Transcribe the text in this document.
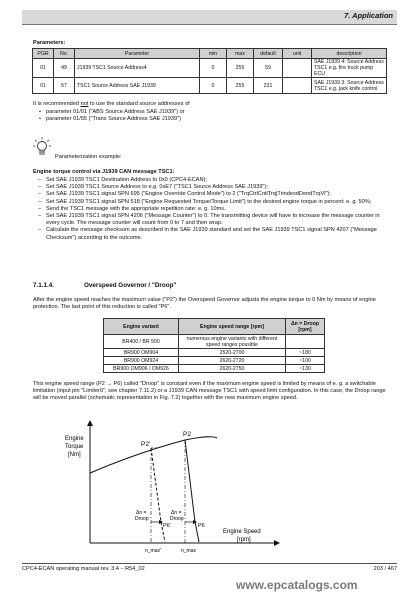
7. Application
Parameters:
PGR	No.	Parameter	min	max	default	unit	description
01	49	J1939 TSC1 Source Address4	0	255	59		SAE J1939 4: Source Address TSC1 e.g. fire truck pump ECU
01	57	TSC1 Source Address SAE J1939	0	255	231		SAE J1939 3: Source Address TSC1 e.g. jack knife control
It is recommended not to use the standard source addresses of
• parameter 01/01 ("ABS Source Address SAE J1939") or
• parameter 01/55 ("Trans Source Address SAE J1939")
Parameterization example:
Engine torque control via J1939 CAN message TSC1:
– Set SAE J1939 TSC1 Destination Address to 0x0 (CPC4-ECAN);
– Set SAE J1939 TSC1 Source Address to e.g. 0xE7 ("TSC1 Source Address SAE J1939");
– Set SAE J1939 TSC1 signal SPN 695 ("Engine Override Control Mode") to 2 ("TrqCtrlCntlTrq|TrindexdDendTrqVl");
– Set SAE J1939 TSC1 signal SPN 518 ("Engine Requested Torque/Torque Limit") to the desired engine torque in percent: e. g. 50%;
– Send the TSC1 message with the appropriate repetition rate: e. g. 10ms.
– Set SAE J1939 TSC1 signal SPN 4206 ("Message Counter") to 0. The transmitting device will have to increase the message counter in every cycle. The message counter will count from 0 to 7 and then wrap.
– Calculate the message checksum as described in the SAE J1939 standard and set the SAE J1939 TSC1 signal SPN 4207 ("Message Checksum") according to the outcome.
7.1.1.4.	Overspeed Governor / "Droop"
After the engine speed reaches the maximum value ("P2") the Overspeed Governor adjusts the engine torque to 0 Nm by means of engine protection. The last point of this reduction is called "P6".
Engine variant	Engine speed range [rpm]	Δn = Droop [rpm]
BR400 / BR 500	numerous engine variants with different speed ranges possible	
BR900 OM904	2520-2700	~180
BR900 OM924	2620-2720	~100
BR900 OM906 / OM926	2620-2750	~130
This engine speed range (P2 → P6) called "Droop" is constant even if the maximum engine speed is limited by means of e. g. a switchable limitation (input pin "Limiter0", see chapter 7.11.2) or a J1939 CAN message TSC1 with speed limit configuration. In this case, the Droop range will be moved parallel (schematic representation in Fig. 7.2) together with the new maximum engine speed.
Engine
Torque
[Nm]
Engine Speed
[rpm]
P2'
P2
P6'	P6
Δn =
Droop
Δn =
Droop
n_max'	n_max
CPC4-ECAN operating manual rev. 3.4 – R54_02	203 / 467
www.epcatalogs.com
